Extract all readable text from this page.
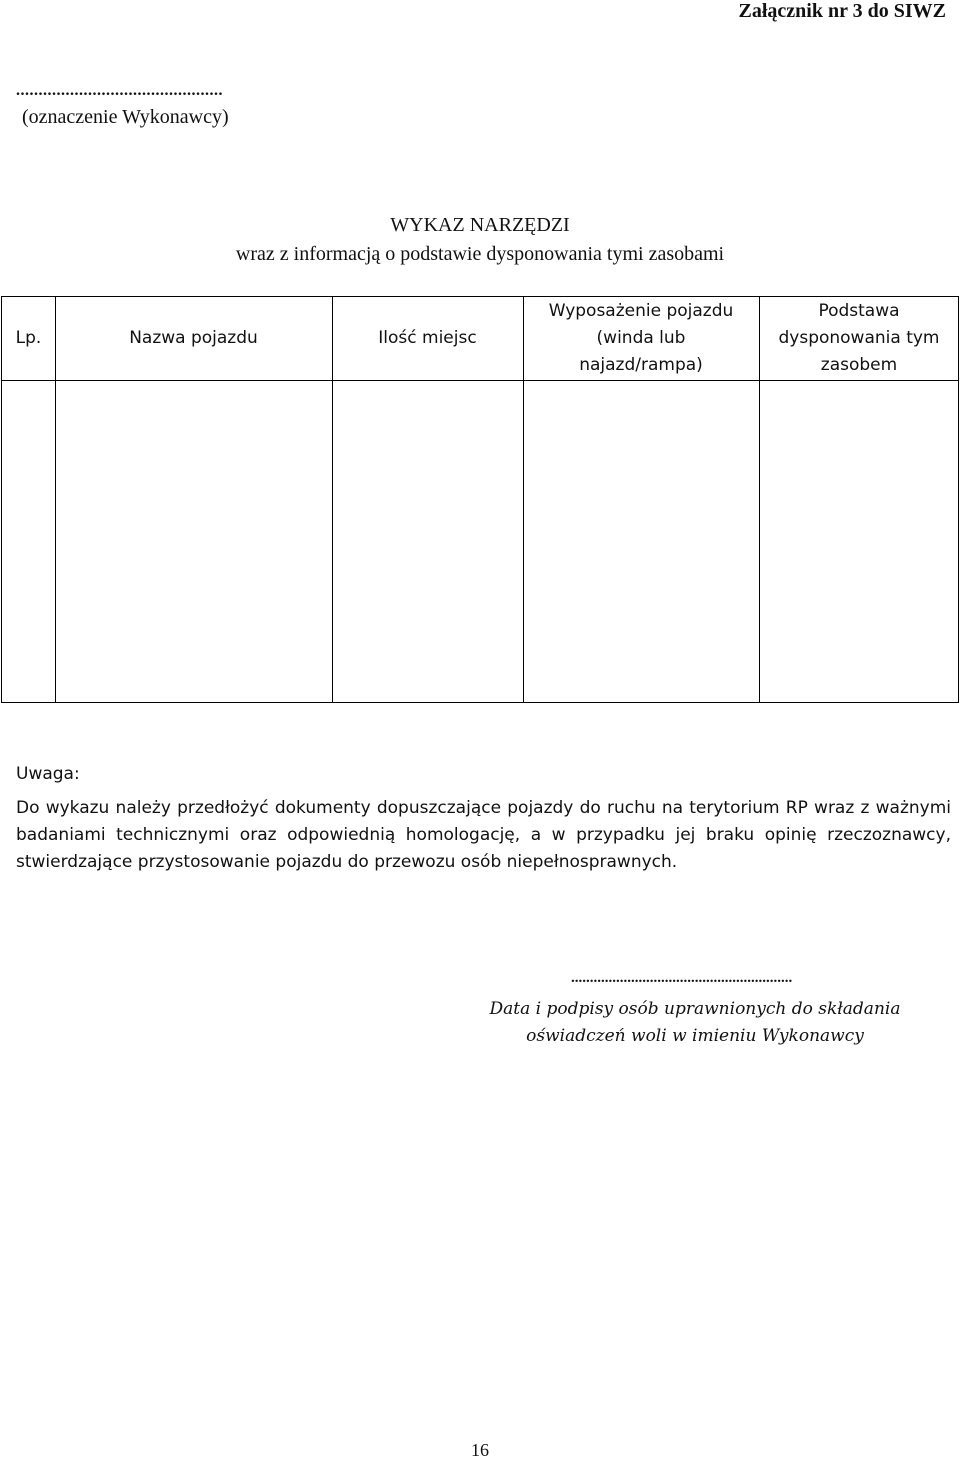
Załącznik nr 3 do SIWZ
..............................................
(oznaczenie Wykonawcy)
WYKAZ NARZĘDZI
wraz z informacją o podstawie dysponowania tymi zasobami
Lp.	Nazwa pojazdu	Ilość miejsc
Wyposażenie pojazdu (winda lub najazd/rampa)
Podstawa dysponowania tym zasobem
Uwaga:
Do wykazu należy przedłożyć dokumenty dopuszczające pojazdy do ruchu na terytorium RP wraz z ważnymi badaniami technicznymi oraz odpowiednią homologację, a w przypadku jej braku opinię rzeczoznawcy, stwierdzające przystosowanie pojazdu do przewozu osób niepełnosprawnych.
...........................................................
Data i podpisy osób uprawnionych do składania
oświadczeń woli w imieniu Wykonawcy
16
